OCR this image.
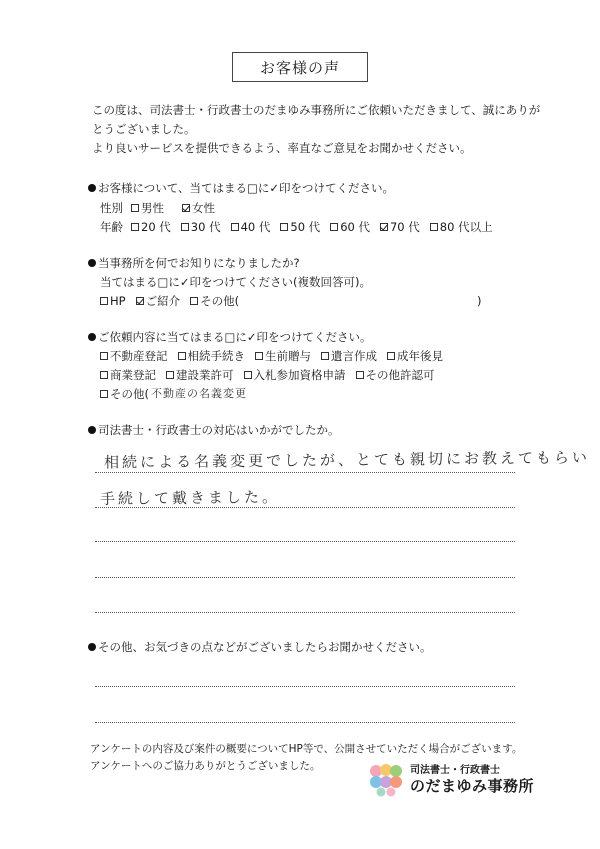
お客様の声
この度は、司法書士・行政書士のだまゆみ事務所にご依頼いただきまして、誠にありが
とうございました。
より良いサービスを提供できるよう、率直なご意見をお聞かせください。
お客様について、当てはまる□に✓印をつけてください。
性別 男性 女性
年齢 20 代 30 代 40 代 50 代 60 代 70 代 80 代以上
当事務所を何でお知りになりましたか?
当てはまる□に✓印をつけてください(複数回答可)。
HP ご紹介 その他(	)
ご依頼内容に当てはまる□に✓印をつけてください。
不動産登記 相続手続き 生前贈与 遺言作成 成年後見
商業登記 建設業許可 入札参加資格申請 その他許認可
その他( 不動産の名義変更
司法書士・行政書士の対応はいかがでしたか。
相続による名義変更でしたが、とても親切にお教えてもらい
手続して戴きました。
その他、お気づきの点などがございましたらお聞かせください。
アンケートの内容及び案件の概要についてHP等で、公開させていただく場合がございます。
アンケートへのご協力ありがとうございました。	司法書士・行政書士
のだまゆみ事務所
